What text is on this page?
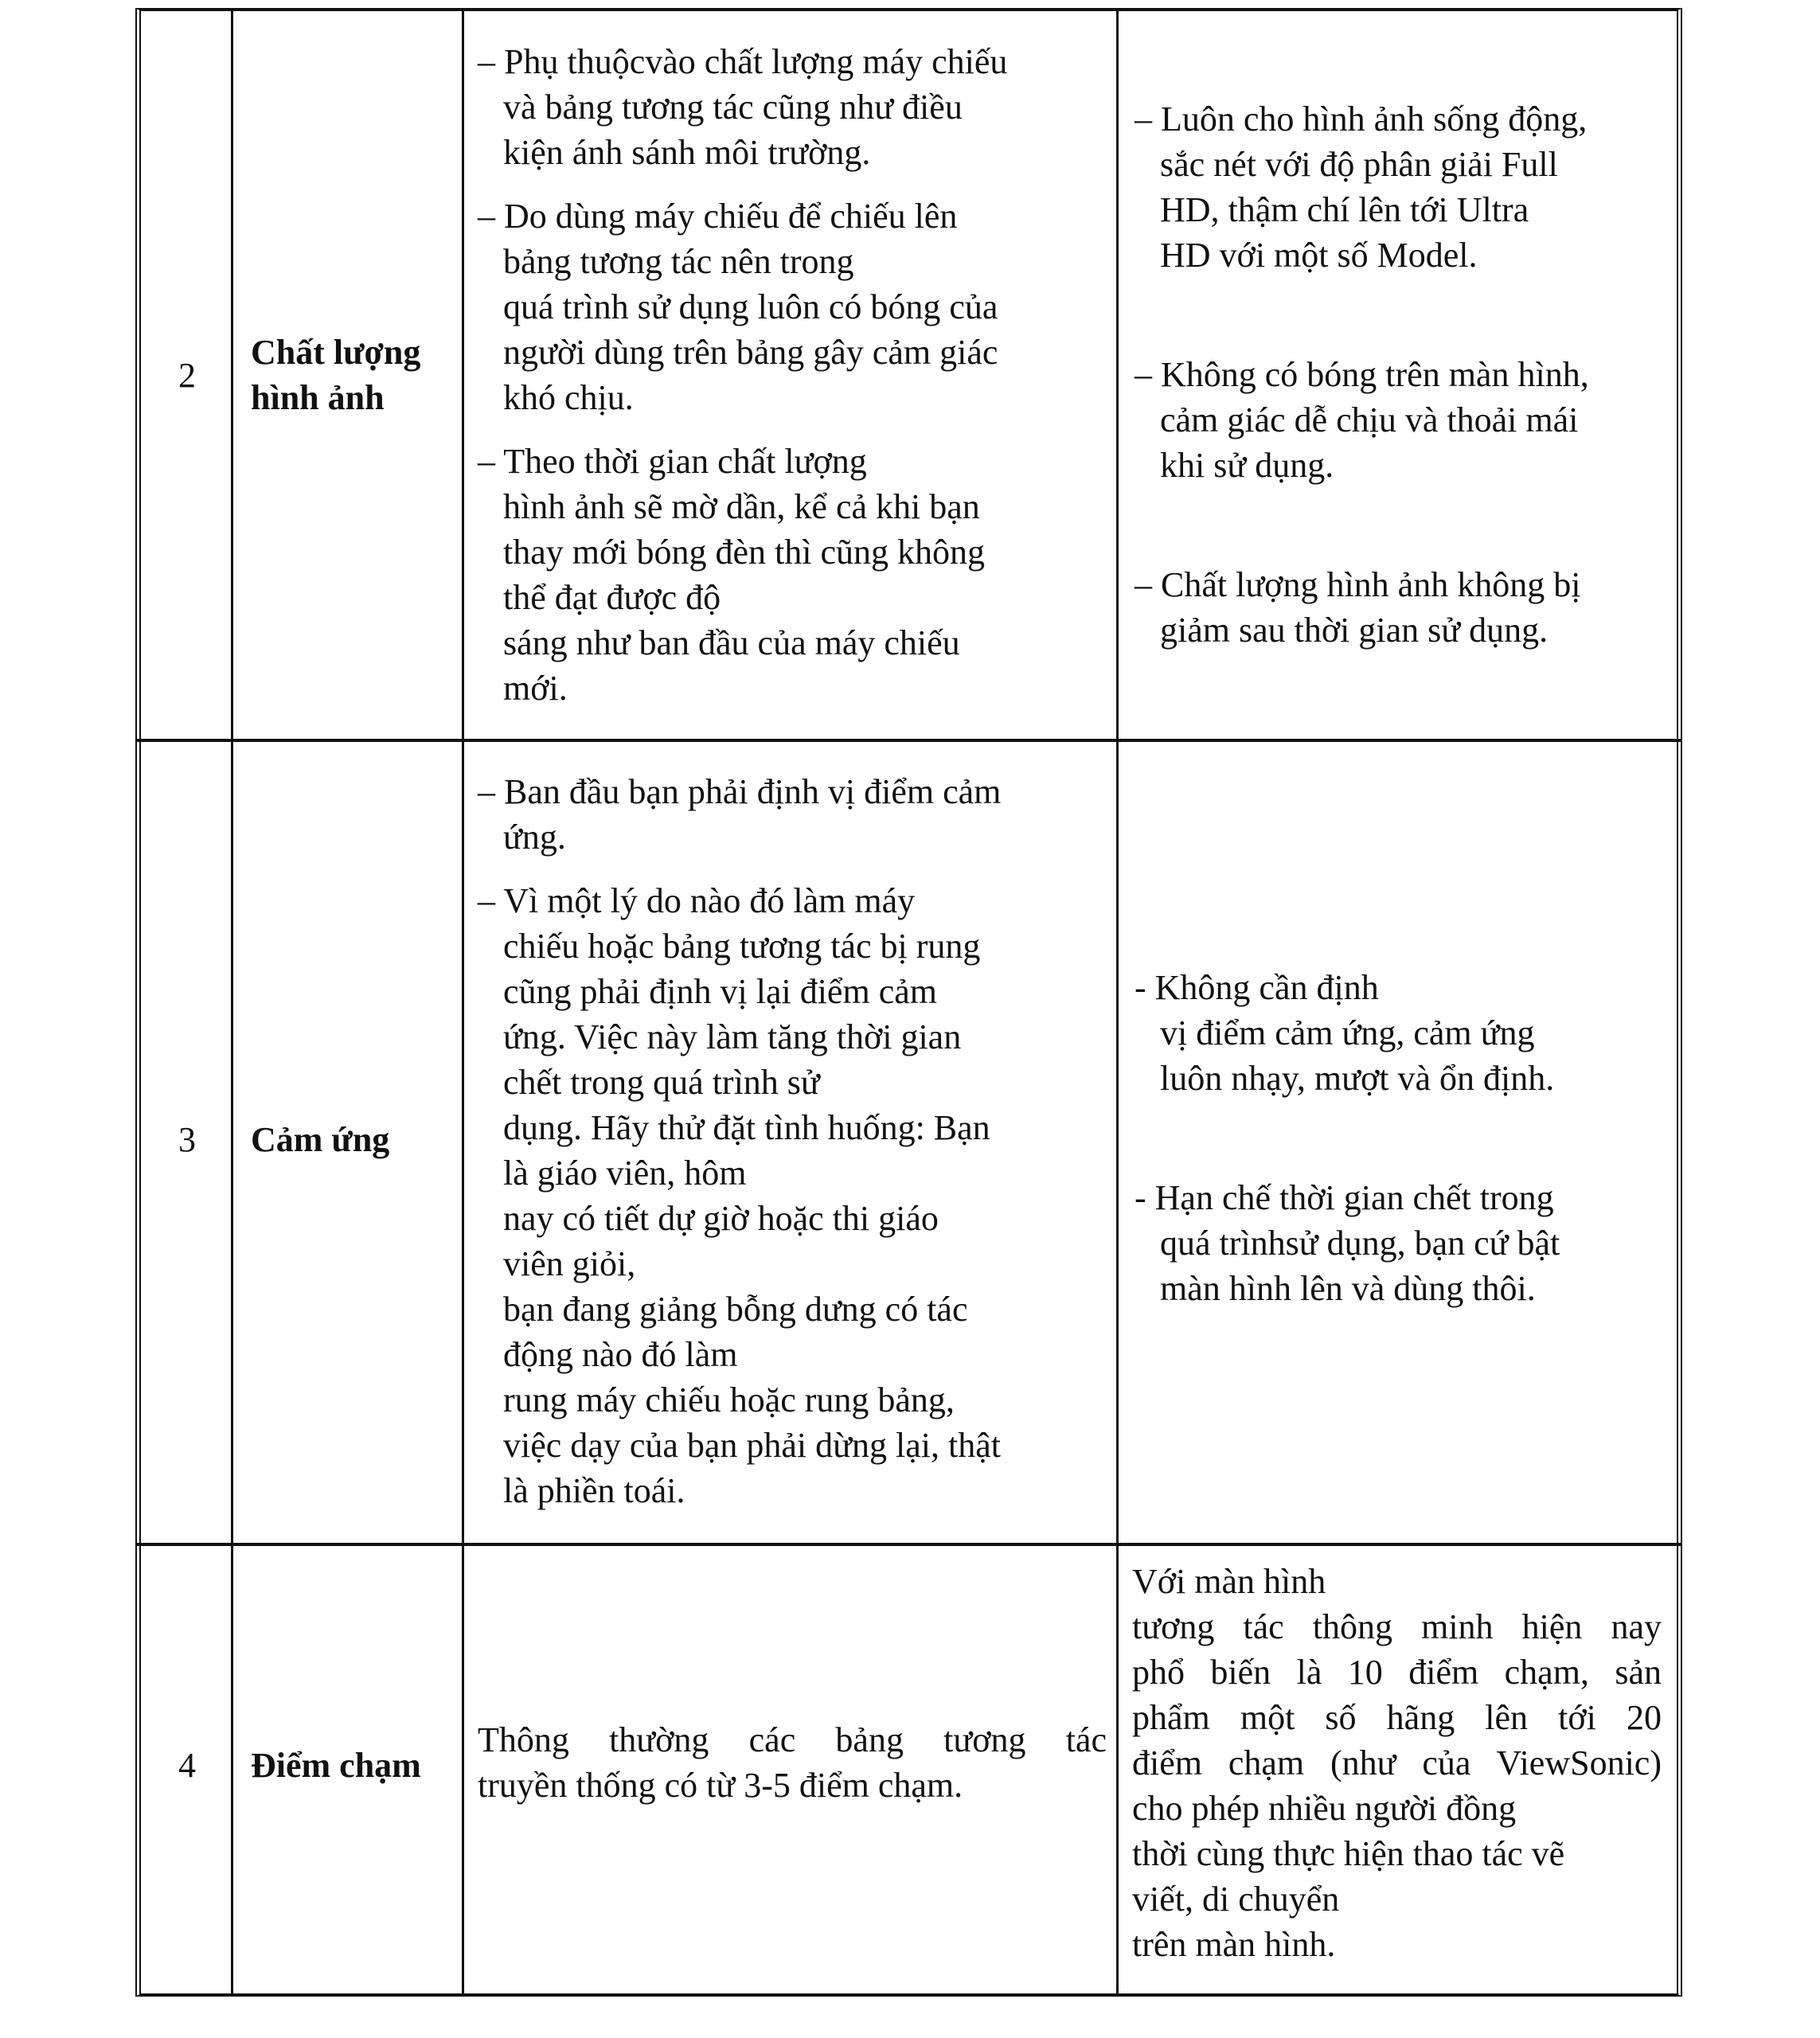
2
Chất lượng
hình ảnh

– Phụ thuộcvào chất lượng máy chiếu
và bảng tương tác cũng như điều
kiện ánh sánh môi trường.

– Do dùng máy chiếu để chiếu lên
bảng tương tác nên trong
quá trình sử dụng luôn có bóng của
người dùng trên bảng gây cảm giác
khó chịu.

– Theo thời gian chất lượng
hình ảnh sẽ mờ dần, kể cả khi bạn
thay mới bóng đèn thì cũng không
thể đạt được độ
sáng như ban đầu của máy chiếu
mới.

– Luôn cho hình ảnh sống động,
sắc nét với độ phân giải Full
HD, thậm chí lên tới Ultra
HD với một số Model.

– Không có bóng trên màn hình,
cảm giác dễ chịu và thoải mái
khi sử dụng.

– Chất lượng hình ảnh không bị
giảm sau thời gian sử dụng.

3	Cảm ứng

– Ban đầu bạn phải định vị điểm cảm
ứng.

– Vì một lý do nào đó làm máy
chiếu hoặc bảng tương tác bị rung
cũng phải định vị lại điểm cảm
ứng. Việc này làm tăng thời gian
chết trong quá trình sử
dụng. Hãy thử đặt tình huống: Bạn
là giáo viên, hôm
nay có tiết dự giờ hoặc thi giáo
viên giỏi,
bạn đang giảng bỗng dưng có tác
động nào đó làm
rung máy chiếu hoặc rung bảng,
việc dạy của bạn phải dừng lại, thật
là phiền toái.

- Không cần định
vị điểm cảm ứng, cảm ứng
luôn nhạy, mượt và ổn định.

- Hạn chế thời gian chết trong
quá trìnhsử dụng, bạn cứ bật
màn hình lên và dùng thôi.

4	Điểm chạm

Thông thường các bảng tương tác
truyền thống có từ 3-5 điểm chạm.

Với màn hình
tương tác thông minh hiện nay
phổ biến là 10 điểm chạm, sản
phẩm một số hãng lên tới 20
điểm chạm (như của ViewSonic)
cho phép nhiều người đồng
thời cùng thực hiện thao tác vẽ
viết, di chuyển
trên màn hình.
